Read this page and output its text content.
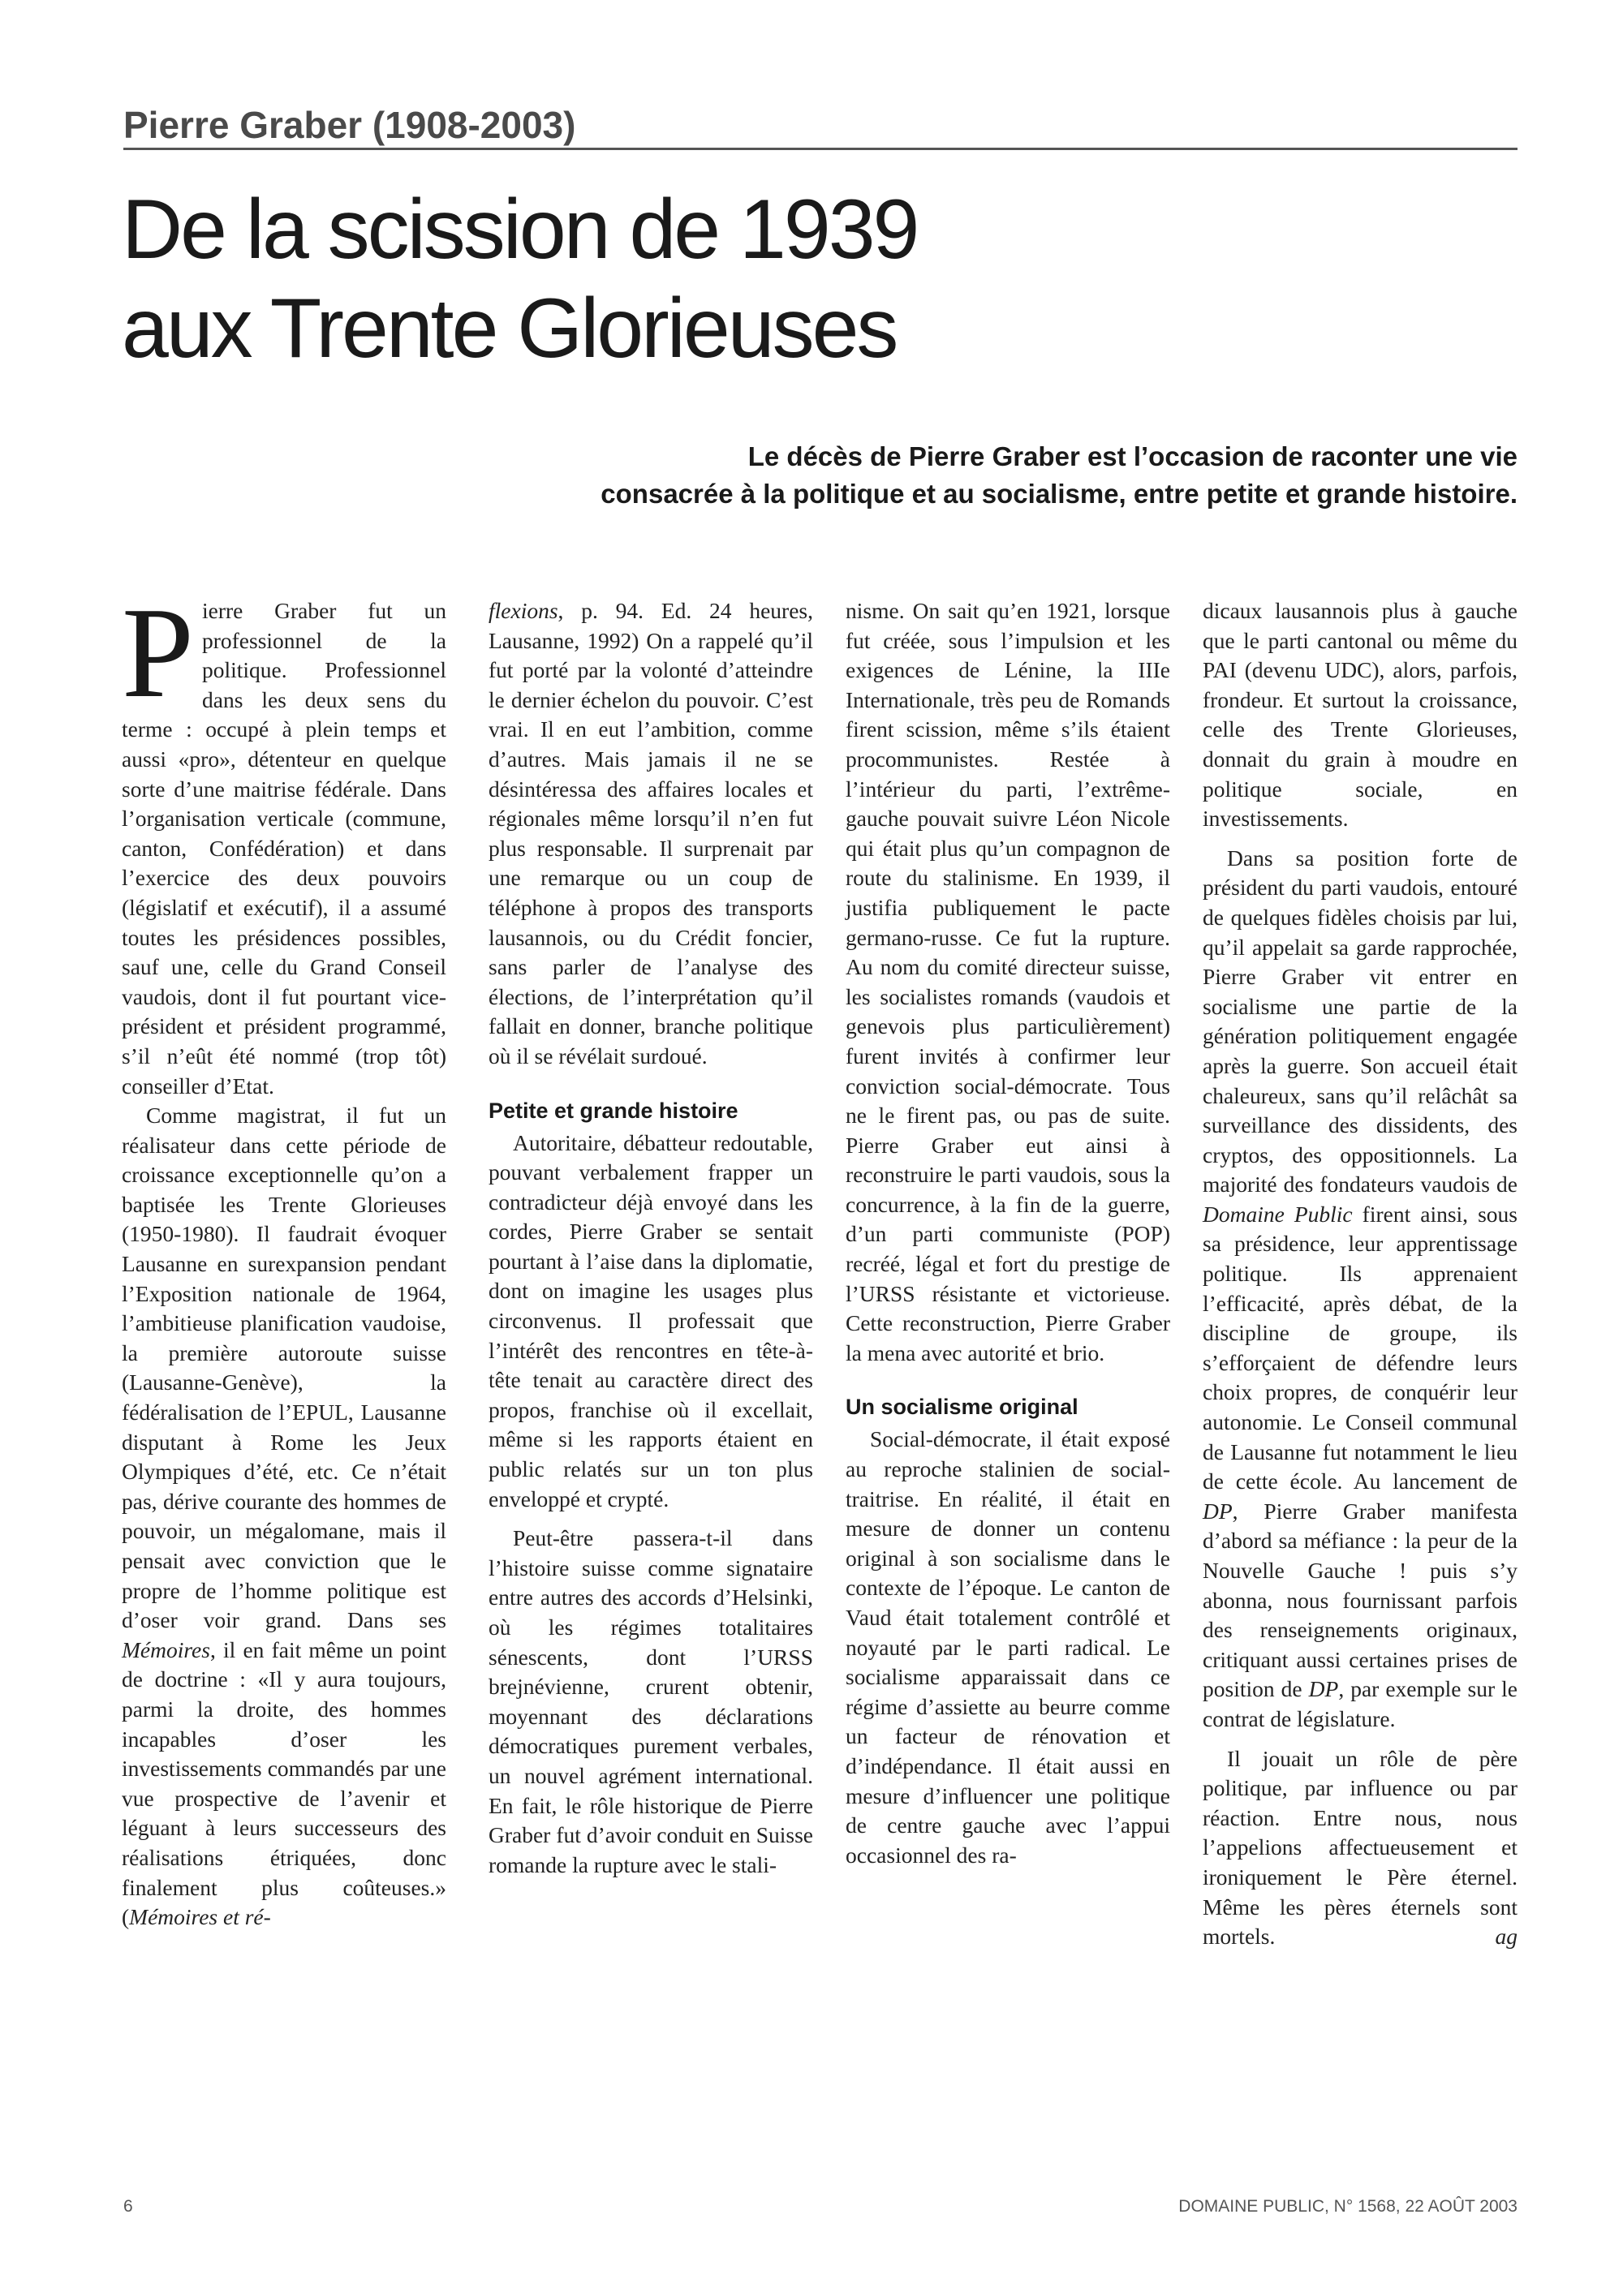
Pierre Graber (1908-2003)
De la scission de 1939
aux Trente Glorieuses
Le décès de Pierre Graber est l’occasion de raconter une vie
consacrée à la politique et au socialisme, entre petite et grande histoire.

Pierre Graber fut un professionnel de la politique. Professionnel dans les deux sens du terme : occupé à plein temps et aussi «pro», détenteur en quelque sorte d’une maitrise fédérale. Dans l’organisation verticale (commune, canton, Confédération) et dans l’exercice des deux pouvoirs (législatif et exécutif), il a assumé toutes les présidences possibles, sauf une, celle du Grand Conseil vaudois, dont il fut pourtant vice-président et président programmé, s’il n’eût été nommé (trop tôt) conseiller d’Etat.

Comme magistrat, il fut un réalisateur dans cette période de croissance exceptionnelle qu’on a baptisée les Trente Glorieuses (1950-1980). Il faudrait évoquer Lausanne en surexpansion pendant l’Exposition nationale de 1964, l’ambitieuse planification vaudoise, la première autoroute suisse (Lausanne-Genève), la fédéralisation de l’EPUL, Lausanne disputant à Rome les Jeux Olympiques d’été, etc. Ce n’était pas, dérive courante des hommes de pouvoir, un mégalomane, mais il pensait avec conviction que le propre de l’homme politique est d’oser voir grand. Dans ses Mémoires, il en fait même un point de doctrine : «Il y aura toujours, parmi la droite, des hommes incapables d’oser les investissements commandés par une vue prospective de l’avenir et léguant à leurs successeurs des réalisations étriquées, donc finalement plus coûteuses.» (Mémoires et ré-

flexions, p. 94. Ed. 24 heures, Lausanne, 1992) On a rappelé qu’il fut porté par la volonté d’atteindre le dernier échelon du pouvoir. C’est vrai. Il en eut l’ambition, comme d’autres. Mais jamais il ne se désintéressa des affaires locales et régionales même lorsqu’il n’en fut plus responsable. Il surprenait par une remarque ou un coup de téléphone à propos des transports lausannois, ou du Crédit foncier, sans parler de l’analyse des élections, de l’interprétation qu’il fallait en donner, branche politique où il se révélait surdoué.

Petite et grande histoire

Autoritaire, débatteur redoutable, pouvant verbalement frapper un contradicteur déjà envoyé dans les cordes, Pierre Graber se sentait pourtant à l’aise dans la diplomatie, dont on imagine les usages plus circonvenus. Il professait que l’intérêt des rencontres en tête-à-tête tenait au caractère direct des propos, franchise où il excellait, même si les rapports étaient en public relatés sur un ton plus enveloppé et crypté.

Peut-être passera-t-il dans l’histoire suisse comme signataire entre autres des accords d’Helsinki, où les régimes totalitaires sénescents, dont l’URSS brejnévienne, crurent obtenir, moyennant des déclarations démocratiques purement verbales, un nouvel agrément international. En fait, le rôle historique de Pierre Graber fut d’avoir conduit en Suisse romande la rupture avec le stali-

nisme. On sait qu’en 1921, lorsque fut créée, sous l’impulsion et les exigences de Lénine, la IIIe Internationale, très peu de Romands firent scission, même s’ils étaient procommunistes. Restée à l’intérieur du parti, l’extrême-gauche pouvait suivre Léon Nicole qui était plus qu’un compagnon de route du stalinisme. En 1939, il justifia publiquement le pacte germano-russe. Ce fut la rupture. Au nom du comité directeur suisse, les socialistes romands (vaudois et genevois plus particulièrement) furent invités à confirmer leur conviction social-démocrate. Tous ne le firent pas, ou pas de suite. Pierre Graber eut ainsi à reconstruire le parti vaudois, sous la concurrence, à la fin de la guerre, d’un parti communiste (POP) recréé, légal et fort du prestige de l’URSS résistante et victorieuse. Cette reconstruction, Pierre Graber la mena avec autorité et brio.

Un socialisme original

Social-démocrate, il était exposé au reproche stalinien de social-traitrise. En réalité, il était en mesure de donner un contenu original à son socialisme dans le contexte de l’époque. Le canton de Vaud était totalement contrôlé et noyauté par le parti radical. Le socialisme apparaissait dans ce régime d’assiette au beurre comme un facteur de rénovation et d’indépendance. Il était aussi en mesure d’influencer une politique de centre gauche avec l’appui occasionnel des ra-

dicaux lausannois plus à gauche que le parti cantonal ou même du PAI (devenu UDC), alors, parfois, frondeur. Et surtout la croissance, celle des Trente Glorieuses, donnait du grain à moudre en politique sociale, en investissements.

Dans sa position forte de président du parti vaudois, entouré de quelques fidèles choisis par lui, qu’il appelait sa garde rapprochée, Pierre Graber vit entrer en socialisme une partie de la génération politiquement engagée après la guerre. Son accueil était chaleureux, sans qu’il relâchât sa surveillance des dissidents, des cryptos, des oppositionnels. La majorité des fondateurs vaudois de Domaine Public firent ainsi, sous sa présidence, leur apprentissage politique. Ils apprenaient l’efficacité, après débat, de la discipline de groupe, ils s’efforçaient de défendre leurs choix propres, de conquérir leur autonomie. Le Conseil communal de Lausanne fut notamment le lieu de cette école. Au lancement de DP, Pierre Graber manifesta d’abord sa méfiance : la peur de la Nouvelle Gauche ! puis s’y abonna, nous fournissant parfois des renseignements originaux, critiquant aussi certaines prises de position de DP, par exemple sur le contrat de législature.

Il jouait un rôle de père politique, par influence ou par réaction. Entre nous, nous l’appelions affectueusement et ironiquement le Père éternel. Même les pères éternels sont mortels.	ag

6	DOMAINE PUBLIC, N° 1568, 22 AOÛT 2003
